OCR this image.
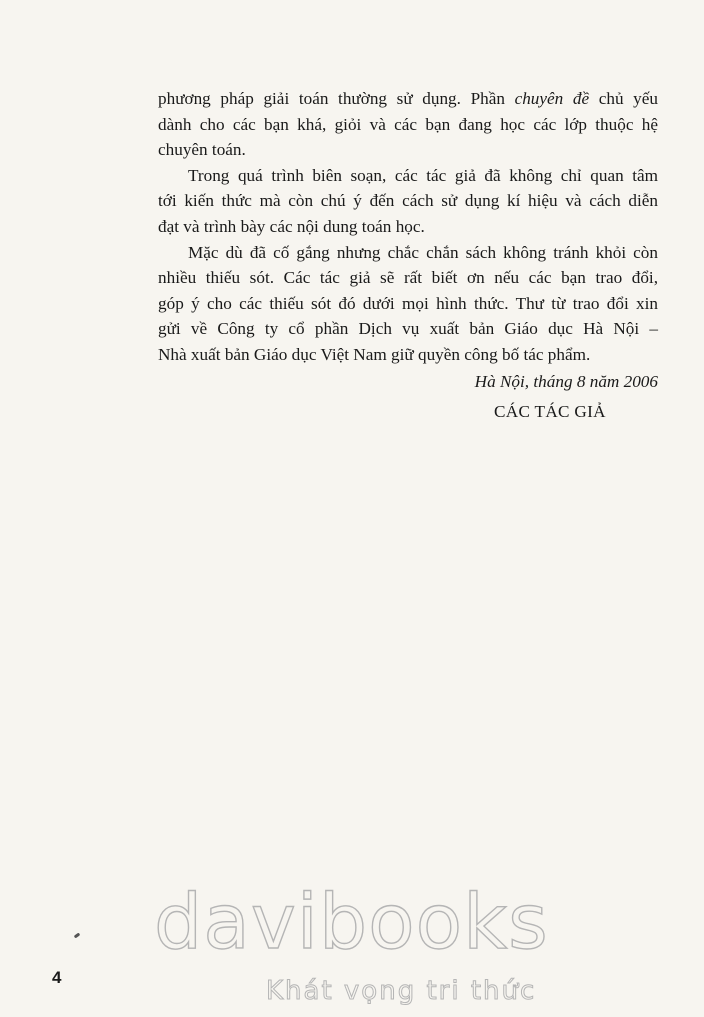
phương pháp giải toán thường sử dụng. Phần chuyên đề chủ yếu
dành cho các bạn khá, giỏi và các bạn đang học các lớp thuộc hệ
chuyên toán.

Trong quá trình biên soạn, các tác giả đã không chỉ quan tâm
tới kiến thức mà còn chú ý đến cách sử dụng kí hiệu và cách diễn
đạt và trình bày các nội dung toán học.

Mặc dù đã cố gắng nhưng chắc chắn sách không tránh khỏi còn
nhiều thiếu sót. Các tác giả sẽ rất biết ơn nếu các bạn trao đổi,
góp ý cho các thiếu sót đó dưới mọi hình thức. Thư từ trao đổi xin
gửi về Công ty cổ phần Dịch vụ xuất bản Giáo dục Hà Nội –
Nhà xuất bản Giáo dục Việt Nam giữ quyền công bố tác phẩm.

Hà Nội, tháng 8 năm 2006
CÁC TÁC GIẢ
davibooks
Khát vọng tri thức
4
